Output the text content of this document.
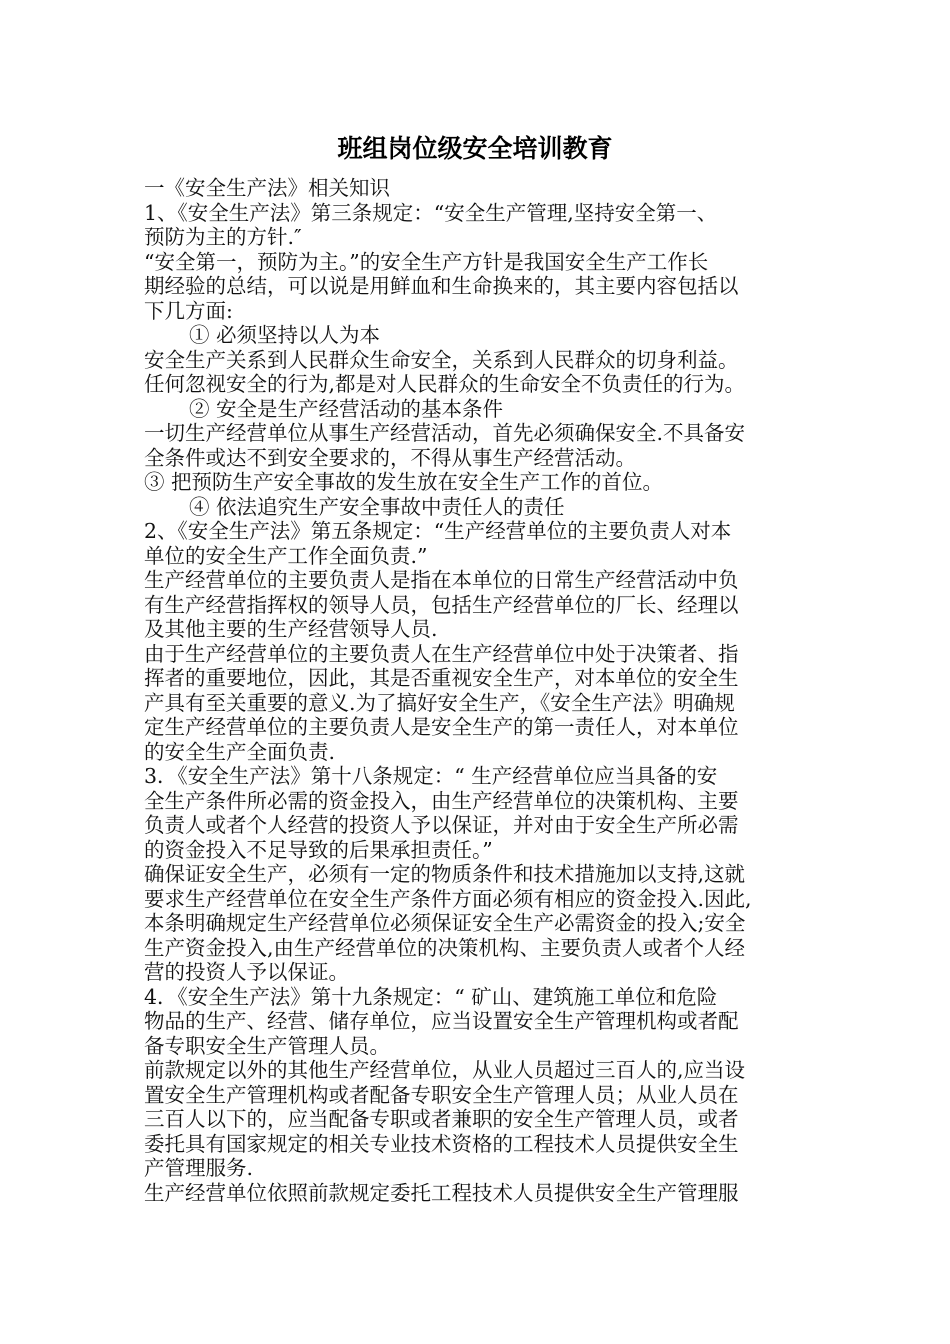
班组岗位级安全培训教育
一《安全生产法》相关知识
1、《安全生产法》第三条规定：“安全生产管理,坚持安全第一、
预防为主的方针.″
“安全第一，预防为主。”的安全生产方针是我国安全生产工作长
期经验的总结，可以说是用鲜血和生命换来的，其主要内容包括以
下几方面:
① 必须坚持以人为本
安全生产关系到人民群众生命安全，关系到人民群众的切身利益。
任何忽视安全的行为,都是对人民群众的生命安全不负责任的行为。
② 安全是生产经营活动的基本条件
一切生产经营单位从事生产经营活动，首先必须确保安全.不具备安
全条件或达不到安全要求的，不得从事生产经营活动。
③ 把预防生产安全事故的发生放在安全生产工作的首位。
④ 依法追究生产安全事故中责任人的责任
2、《安全生产法》第五条规定：“生产经营单位的主要负责人对本
单位的安全生产工作全面负责.”
生产经营单位的主要负责人是指在本单位的日常生产经营活动中负
有生产经营指挥权的领导人员，包括生产经营单位的厂长、经理以
及其他主要的生产经营领导人员.
由于生产经营单位的主要负责人在生产经营单位中处于决策者、指
挥者的重要地位，因此，其是否重视安全生产，对本单位的安全生
产具有至关重要的意义.为了搞好安全生产，《安全生产法》明确规
定生产经营单位的主要负责人是安全生产的第一责任人，对本单位
的安全生产全面负责.
3．《安全生产法》第十八条规定：“ 生产经营单位应当具备的安
全生产条件所必需的资金投入，由生产经营单位的决策机构、主要
负责人或者个人经营的投资人予以保证，并对由于安全生产所必需
的资金投入不足导致的后果承担责任。”
确保证安全生产，必须有一定的物质条件和技术措施加以支持,这就
要求生产经营单位在安全生产条件方面必须有相应的资金投入.因此,
本条明确规定生产经营单位必须保证安全生产必需资金的投入;安全
生产资金投入,由生产经营单位的决策机构、主要负责人或者个人经
营的投资人予以保证。
4．《安全生产法》第十九条规定：“ 矿山、建筑施工单位和危险
物品的生产、经营、储存单位，应当设置安全生产管理机构或者配
备专职安全生产管理人员。
前款规定以外的其他生产经营单位，从业人员超过三百人的,应当设
置安全生产管理机构或者配备专职安全生产管理人员；从业人员在
三百人以下的，应当配备专职或者兼职的安全生产管理人员，或者
委托具有国家规定的相关专业技术资格的工程技术人员提供安全生
产管理服务.
生产经营单位依照前款规定委托工程技术人员提供安全生产管理服
